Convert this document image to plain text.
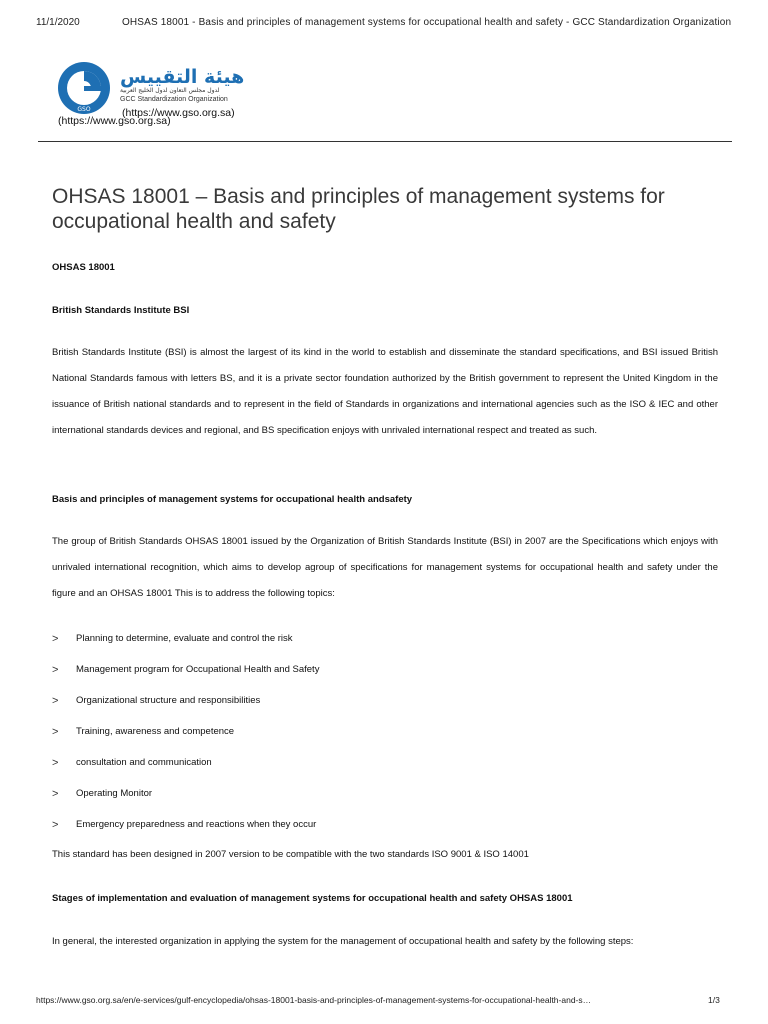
11/1/2020	OHSAS 18001 - Basis and principles of management systems for occupational health and safety - GCC Standardization Organization
GSO
هيئة التقييس
لدول مجلس التعاون لدول الخليج العربية
GCC Standardization Organization
(https://www.gso.org.sa)
(https://www.gso.org.sa)
OHSAS 18001 – Basis and principles of management systems for occupational health and safety
OHSAS 18001
British Standards Institute BSI

British Standards Institute (BSI) is almost the largest of its kind in the world to establish and disseminate the standard specifications, and BSI issued British National Standards famous with letters BS, and it is a private sector foundation authorized by the British government to represent the United Kingdom in the issuance of British national standards and to represent in the field of Standards in organizations and international agencies such as the ISO & IEC and other international standards devices and regional, and BS specification enjoys with unrivaled international respect and treated as such.

Basis and principles of management systems for occupational health andsafety

The group of British Standards OHSAS 18001 issued by the Organization of British Standards Institute (BSI) in 2007 are the Specifications which enjoys with unrivaled international recognition, which aims to develop agroup of specifications for management systems for occupational health and safety under the figure and an OHSAS 18001 This is to address the following topics:

>	Planning to determine, evaluate and control the risk
>	Management program for Occupational Health and Safety
>	Organizational structure and responsibilities
>	Training, awareness and competence
>	consultation and communication
>	Operating Monitor
>	Emergency preparedness and reactions when they occur
This standard has been designed in 2007 version to be compatible with the two standards ISO 9001 & ISO 14001
Stages of implementation and evaluation of management systems for occupational health and safety OHSAS 18001
In general, the interested organization in applying the system for the management of occupational health and safety by the following steps:
https://www.gso.org.sa/en/e-services/gulf-encyclopedia/ohsas-18001-basis-and-principles-of-management-systems-for-occupational-health-and-s…	1/3
